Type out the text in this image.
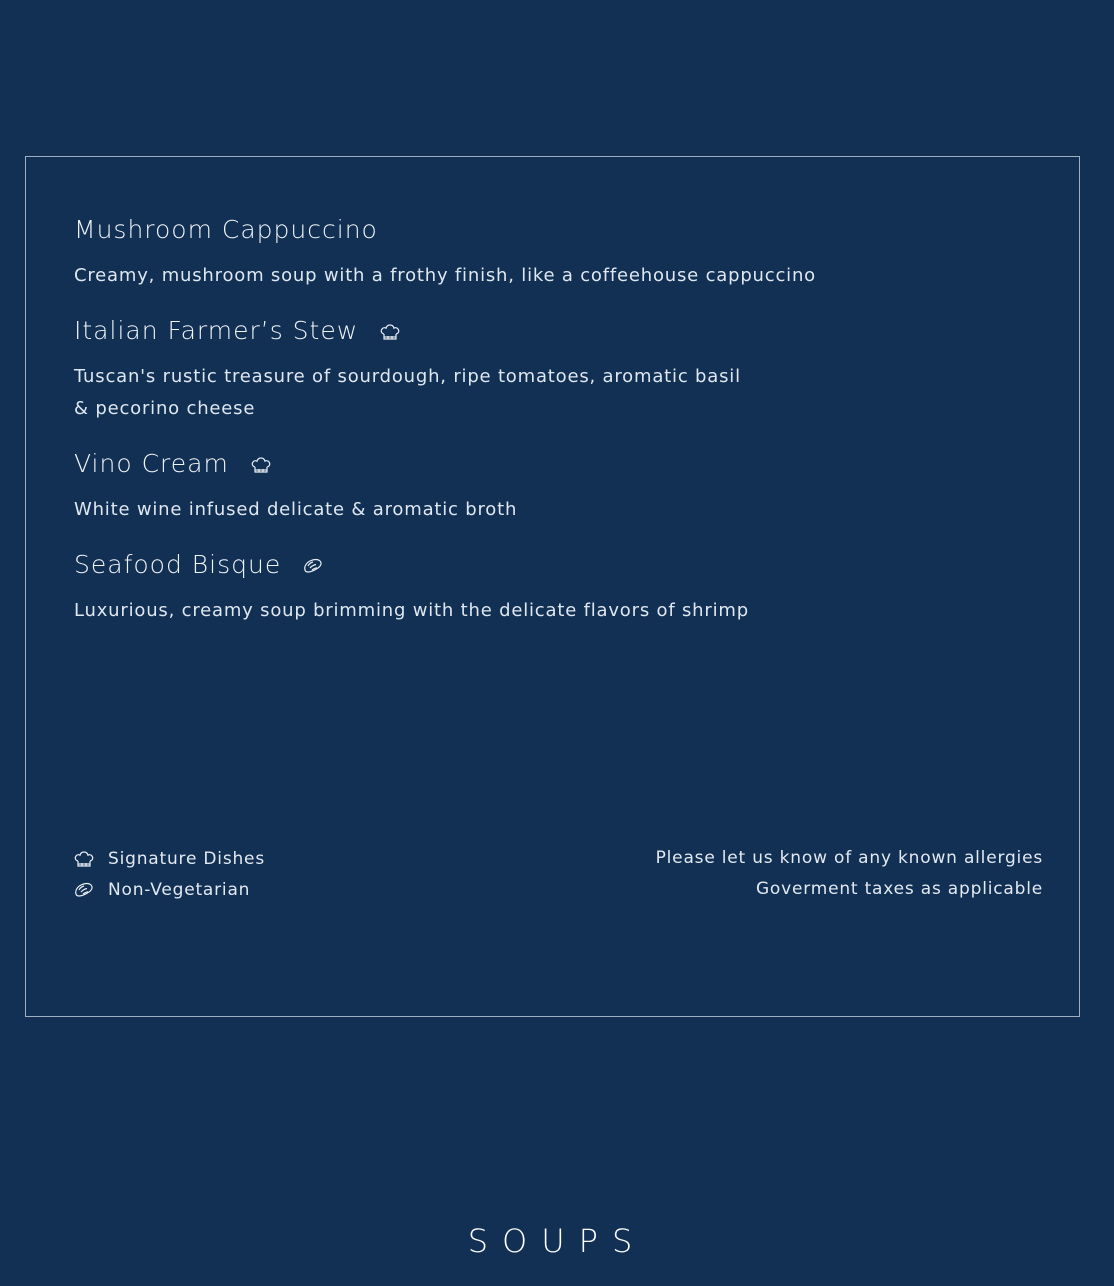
Mushroom Cappuccino
Creamy, mushroom soup with a frothy finish, like a coffeehouse cappuccino
Italian Farmer’s Stew
Tuscan's rustic treasure of sourdough, ripe tomatoes, aromatic basil
& pecorino cheese
Vino Cream
White wine infused delicate & aromatic broth
Seafood Bisque
Luxurious, creamy soup brimming with the delicate flavors of shrimp
Signature Dishes
Non-Vegetarian
Please let us know of any known allergies
Goverment taxes as applicable
SOUPS
